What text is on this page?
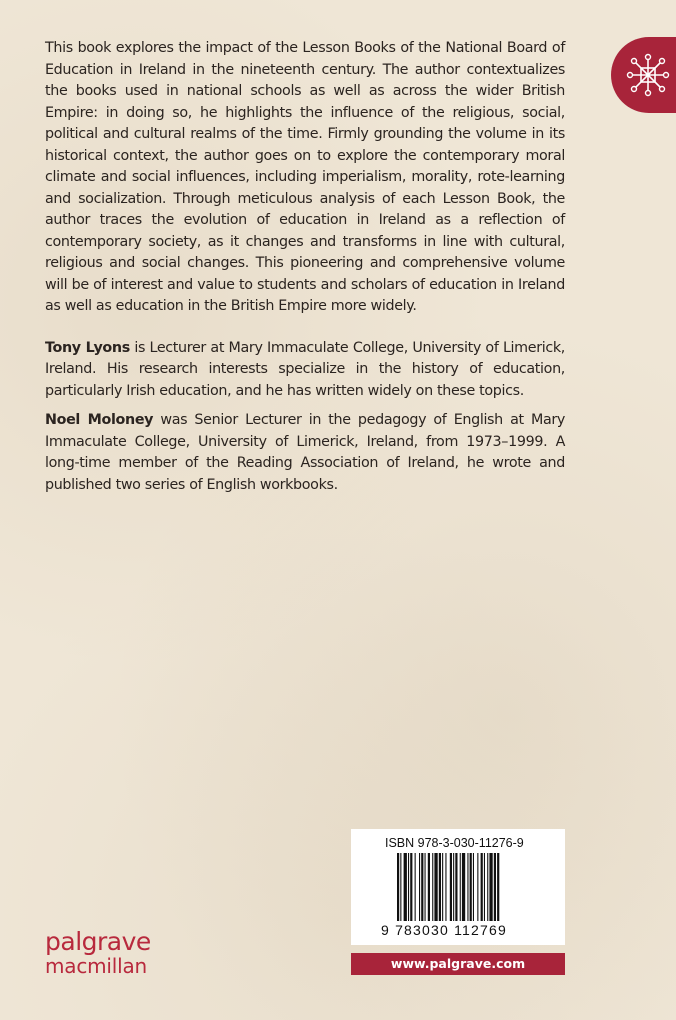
This book explores the impact of the Lesson Books of the National Board of Education in Ireland in the nineteenth century. The author contextualizes the books used in national schools as well as across the wider British Empire: in doing so, he highlights the influence of the religious, social, political and cultural realms of the time. Firmly grounding the volume in its historical context, the author goes on to explore the contemporary moral climate and social influences, including imperialism, morality, rote-learning and socialization. Through meticulous analysis of each Lesson Book, the author traces the evolution of education in Ireland as a reflection of contemporary society, as it changes and transforms in line with cultural, religious and social changes. This pioneering and comprehensive volume will be of interest and value to students and scholars of education in Ireland as well as education in the British Empire more widely.

Tony Lyons is Lecturer at Mary Immaculate College, University of Limerick, Ireland. His research interests specialize in the history of education, particularly Irish education, and he has written widely on these topics.

Noel Moloney was Senior Lecturer in the pedagogy of English at Mary Immaculate College, University of Limerick, Ireland, from 1973–1999. A long-time member of the Reading Association of Ireland, he wrote and published two series of English workbooks.

palgrave
macmillan
ISBN 978-3-030-11276-9
9 783030 112769
www.palgrave.com
